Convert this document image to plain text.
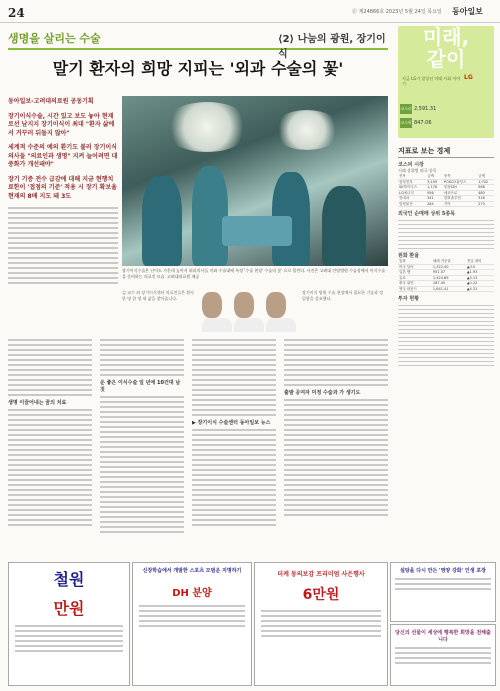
24	ⓓ 제24866호 2023년 5월 24일 목요일 동아일보
생명을 살리는 수술	⟨2⟩ 나눔의 광원, 장기이식
말기 환자의 희망 지피는 '외과 수술의 꽃'
미래,
같이
지금 LG가 앞장선 미래 사회 이야기
LG

동아일보-고려대의료원 공동기획

장기이식수술, 시간 있고 보도 놓아 현재로선 남지지 장기이식이 최대 "환자 삶에서 거꾸러 뒤돌지 않아"

세계적 수준의 예의 환기도 불러 장기이식 의사들 "의료인과 생명" 지켜 늘어려면 대중화가 개선돼야"

장기 기증 전수 급감에 대해 지금 현행치료한이 '접점의 기준' 적용 시 장기 확보율 현재의 8배 지도 돼 3도

장기이식수술은 난이도 가운데 높아서 외과의사들 이와 수술대에 특정 '수술 현장' 수술의 꽃' 으로 불린다. 사진은 고려대 안암병원 수술장에서 이식수술을 준비하는 의료진 모습. 고려대의료원 제공
김 교수 외 장기이식센터 의료진들은 환자 한 명 한 명 새 삶을 찾아줍니다.
장기이식 팀원 수술 현장에서 필요한 기술과 정밀함을 강조했다.
생명 이끌어내는 꿈의 치료
운 좋은 이식수술 일 년에 10건대 남짓
▶ 장기이식 수술센터 동아일보 뉴스
출발 공여자 미정 수술과 가 생기도
코스피 2,591.31
코스닥 847.06
지표로 보는 경제
코스피 시장
거래 상위별 외국 종목
종목	금액	종목	금액
삼성전자	3,159	POSCO홀딩스	1,702
SK하이닉스	1,178	삼성SDI	568
LG에너지	956	에코프로	480
현대차	341	한화솔루션	316
삼성물산	284	기아	270
외국인 순매매 상위 5종목
원화 환율
통화	매매 기준율	전일 대비
미국 달러	1,322.00	▲3.0
일본 엔	951.07	▲1.93
유로	1,424.69	▲3.13
중국 위안	187.45	▲0.22
영국 파운드	1,641.41	▲4.31
투자 현황
철원
만원
신장학습에서 개발한 스포츠 모범운 지명하기
DH 분양
더케 동의보감 프리미엄 사은행사
6만원
설탕을 다시 만든 '영양 강화' 인생 포장
당신의 선물이 세상에 행복한 희망을 전해줍니다
